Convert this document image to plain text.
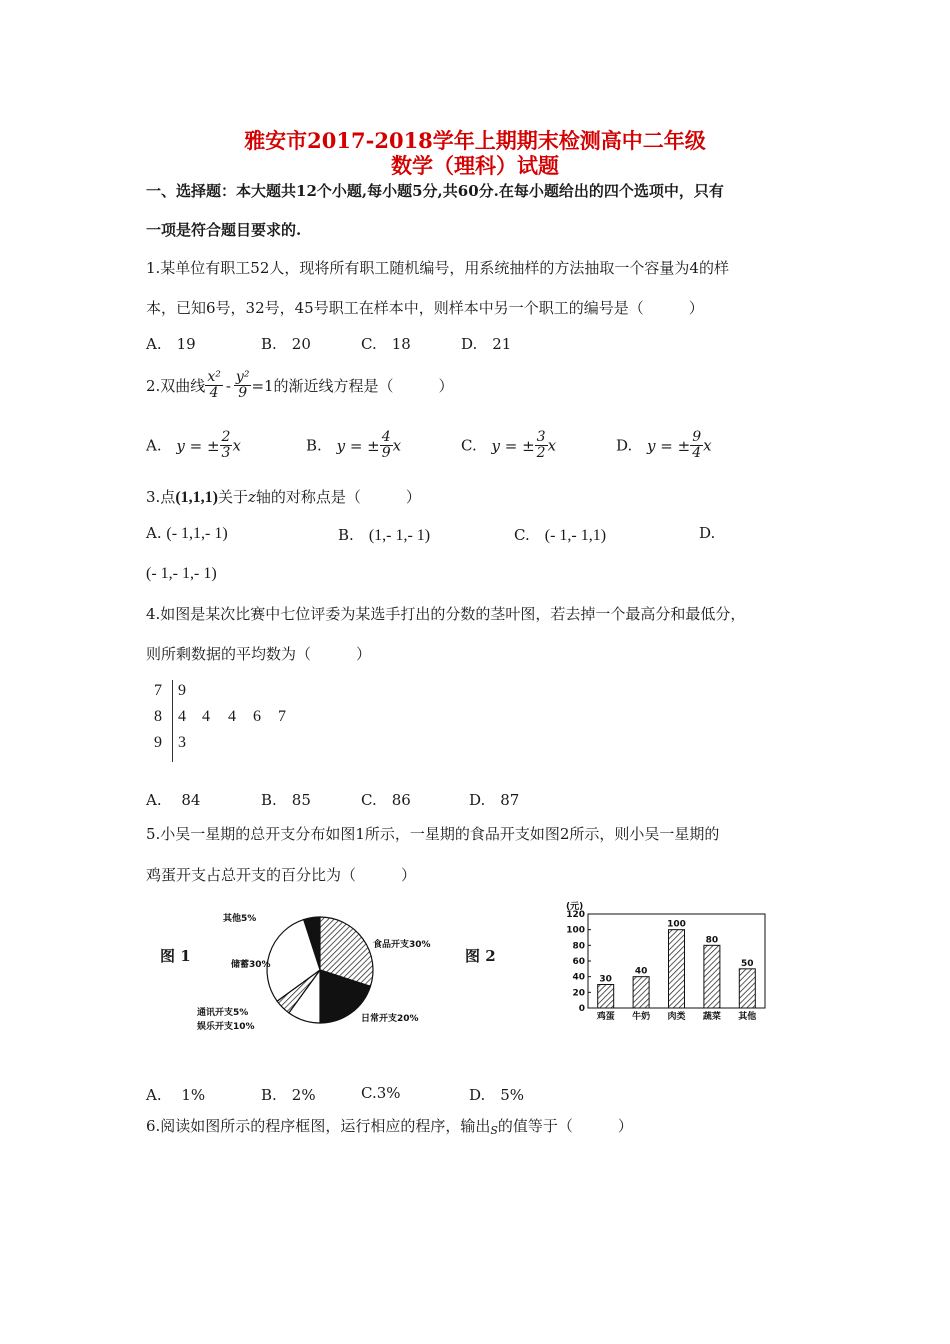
雅安市2017-2018学年上期期末检测高中二年级
数学（理科）试题
一、选择题：本大题共12个小题,每小题5分,共60分.在每小题给出的四个选项中，只有
一项是符合题目要求的.
1.某单位有职工52人，现将所有职工随机编号，用系统抽样的方法抽取一个容量为4的样
本，已知6号，32号，45号职工在样本中，则样本中另一个职工的编号是（　　　）
A.　19	B.　20	C.　18	D.　21
2.双曲线 $\frac{\text{x²}}{4} - \frac{\text{y²}}{9} =1$的渐近线方程是（　　　）
A. y = ± $\frac{2}{3}$ x	B. y = ± $\frac{4}{9}$ x	C. y = ± $\frac{3}{2}$ x	D. y = ± $\frac{9}{4}$ x
3.点(1,1,1)关于z轴的对称点是（　　　）
A. (- 1,1,- 1)	B.　 (1,- 1,- 1)	C.　 (- 1,- 1,1)	D.
(- 1,- 1,- 1)
4.如图是某次比赛中七位评委为某选手打出的分数的茎叶图，若去掉一个最高分和最低分，
则所剩数据的平均数为（　　　）
7 9
8 4 4 4 6 7
9 3
A.　 84	B.　85	C.　86	D.　87
5.小吴一星期的总开支分布如图1所示，一星期的食品开支如图2所示，则小吴一星期的
鸡蛋开支占总开支的百分比为（　　　）
图 1
其他5%
食品开支30%
日常开支20%
娱乐开支10%
通讯开支5%
储蓄30%	图 2
(元)
0
20
40
60
80
100
120
30
鸡蛋
40
牛奶
100
肉类
80
蔬菜
50
其他
A.　 1%	B.　2%	C.3%	D.　5%
6.阅读如图所示的程序框图，运行相应的程序，输出$_S$的值等于（　　　）
